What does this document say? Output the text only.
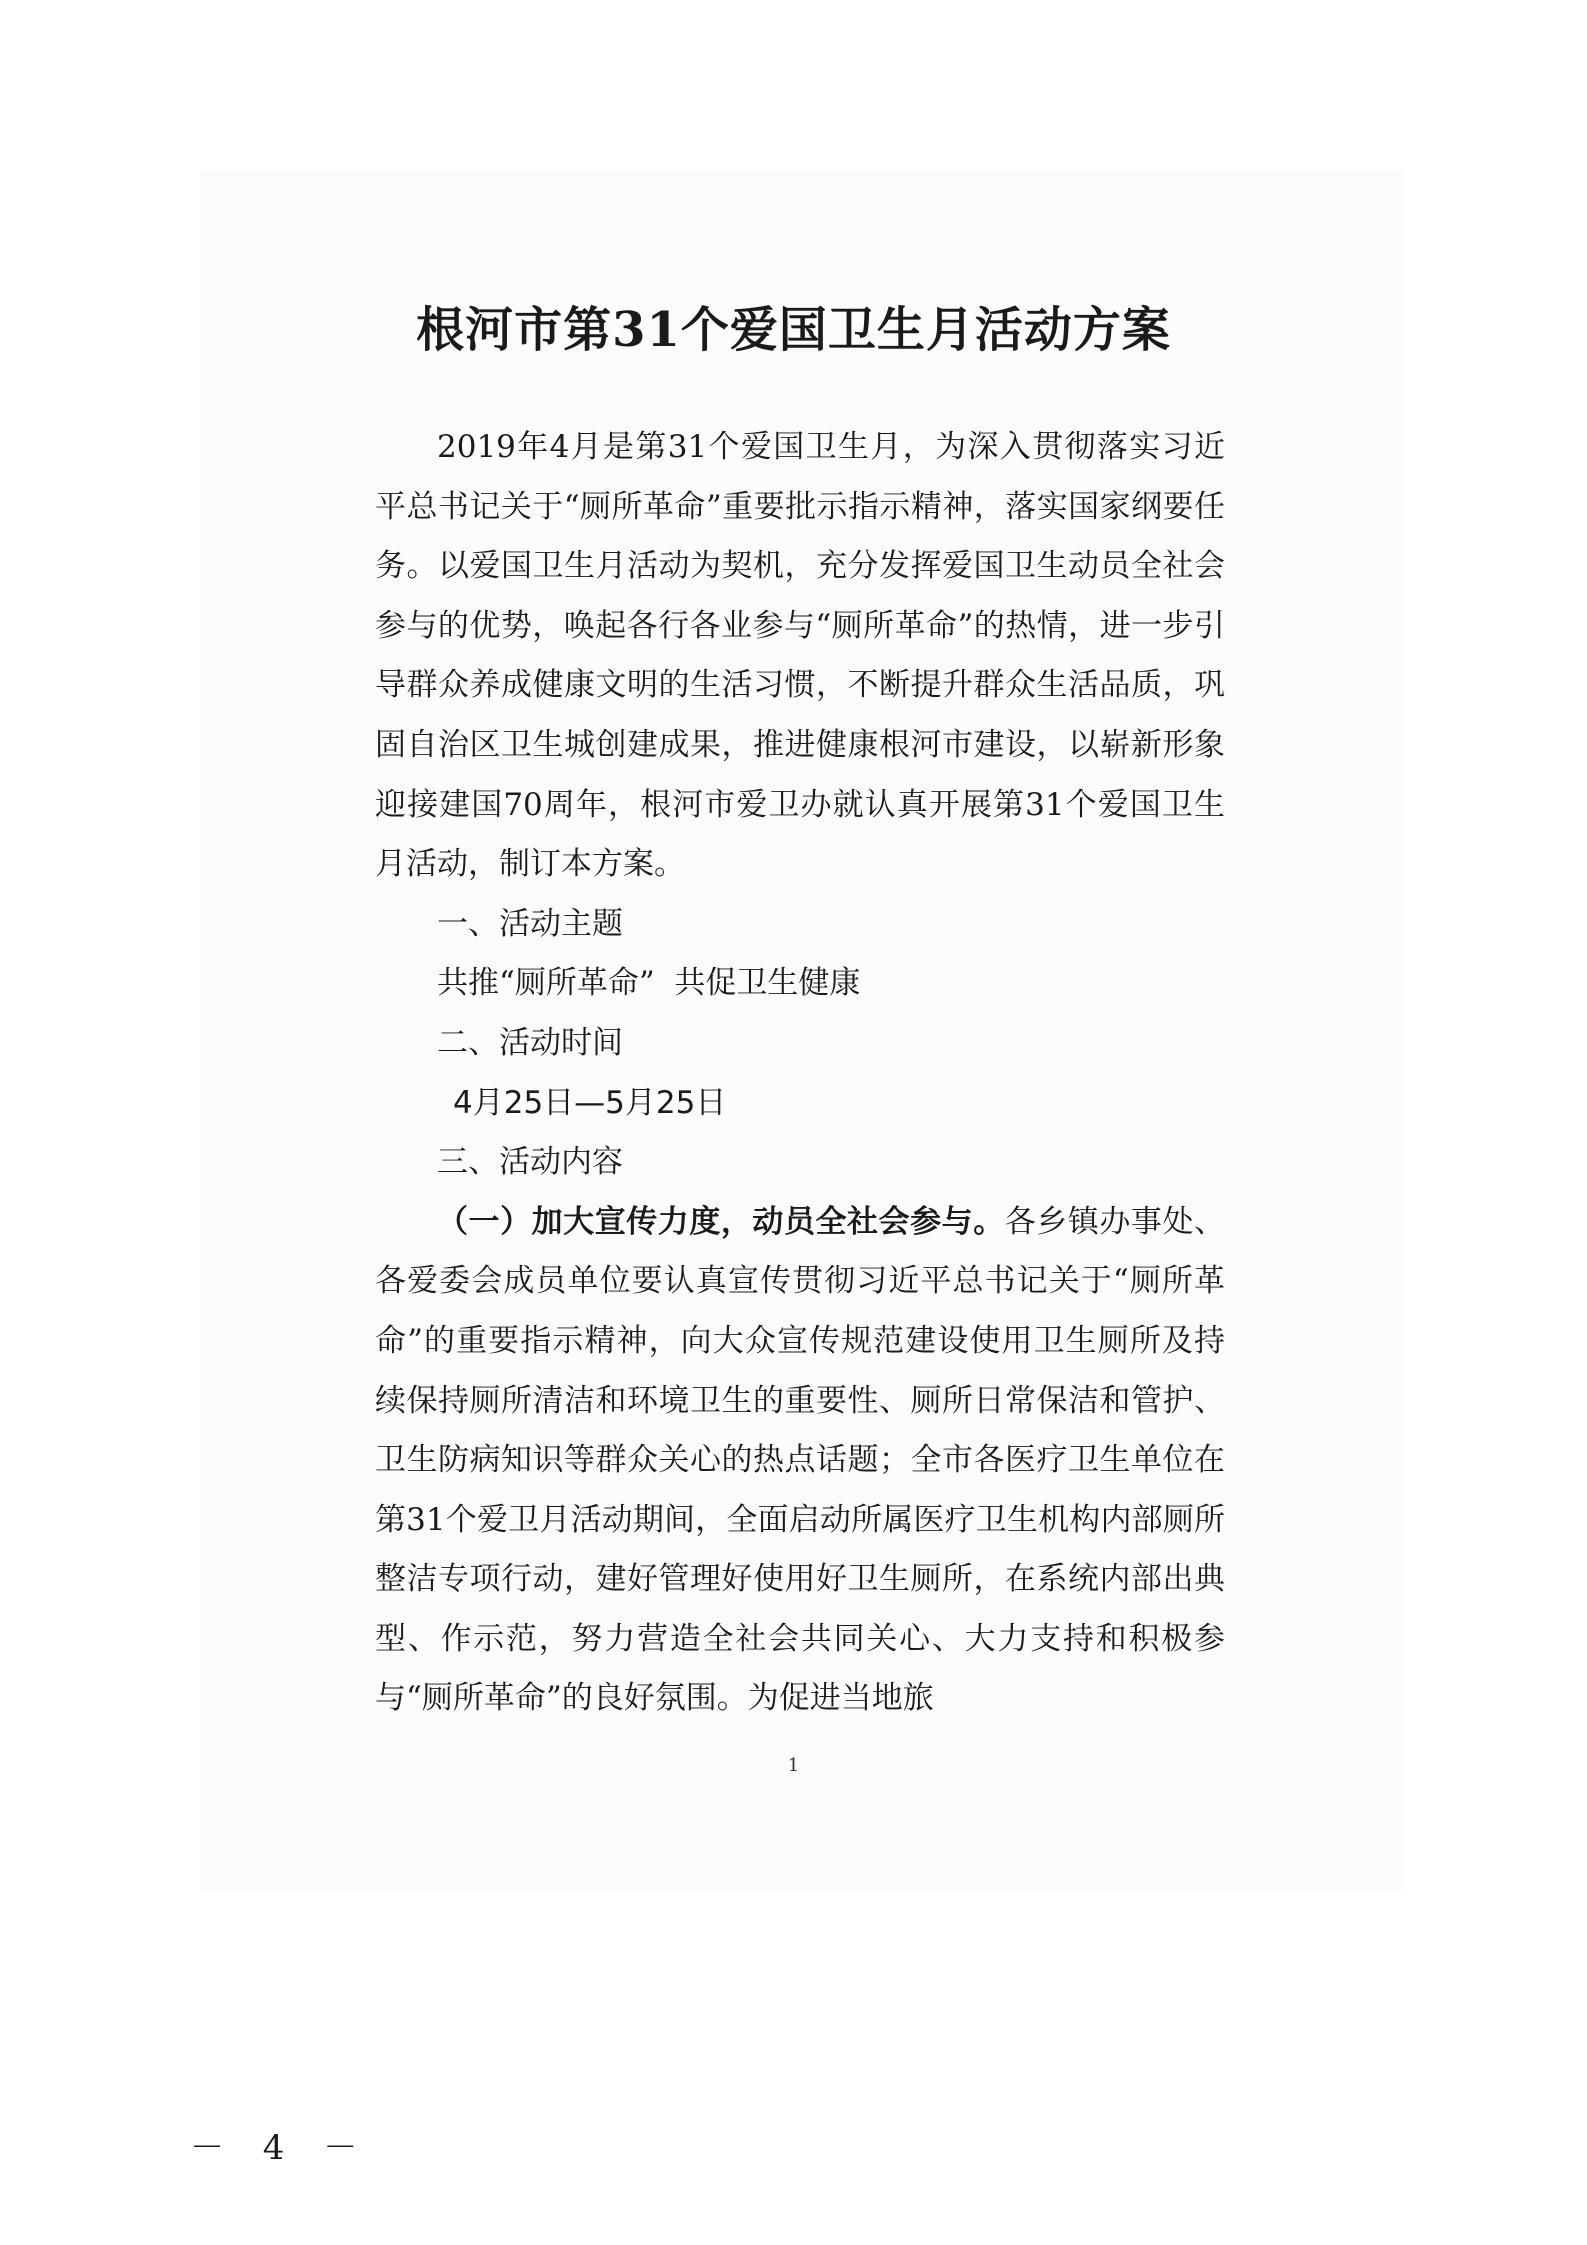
根河市第31个爱国卫生月活动方案

2019年4月是第31个爱国卫生月，为深入贯彻落实习近平总书记关于“厕所革命”重要批示指示精神，落实国家纲要任务。以爱国卫生月活动为契机，充分发挥爱国卫生动员全社会参与的优势，唤起各行各业参与“厕所革命”的热情，进一步引导群众养成健康文明的生活习惯，不断提升群众生活品质，巩固自治区卫生城创建成果，推进健康根河市建设，以崭新形象迎接建国70周年，根河市爱卫办就认真开展第31个爱国卫生月活动，制订本方案。

一、活动主题

共推“厕所革命”  共促卫生健康

二、活动时间

4月25日—5月25日

三、活动内容

（一）加大宣传力度，动员全社会参与。各乡镇办事处、各爱委会成员单位要认真宣传贯彻习近平总书记关于“厕所革命”的重要指示精神，向大众宣传规范建设使用卫生厕所及持续保持厕所清洁和环境卫生的重要性、厕所日常保洁和管护、卫生防病知识等群众关心的热点话题；全市各医疗卫生单位在第31个爱卫月活动期间，全面启动所属医疗卫生机构内部厕所整洁专项行动，建好管理好使用好卫生厕所，在系统内部出典型、作示范，努力营造全社会共同关心、大力支持和积极参与“厕所革命”的良好氛围。为促进当地旅

1
－ 4 －
